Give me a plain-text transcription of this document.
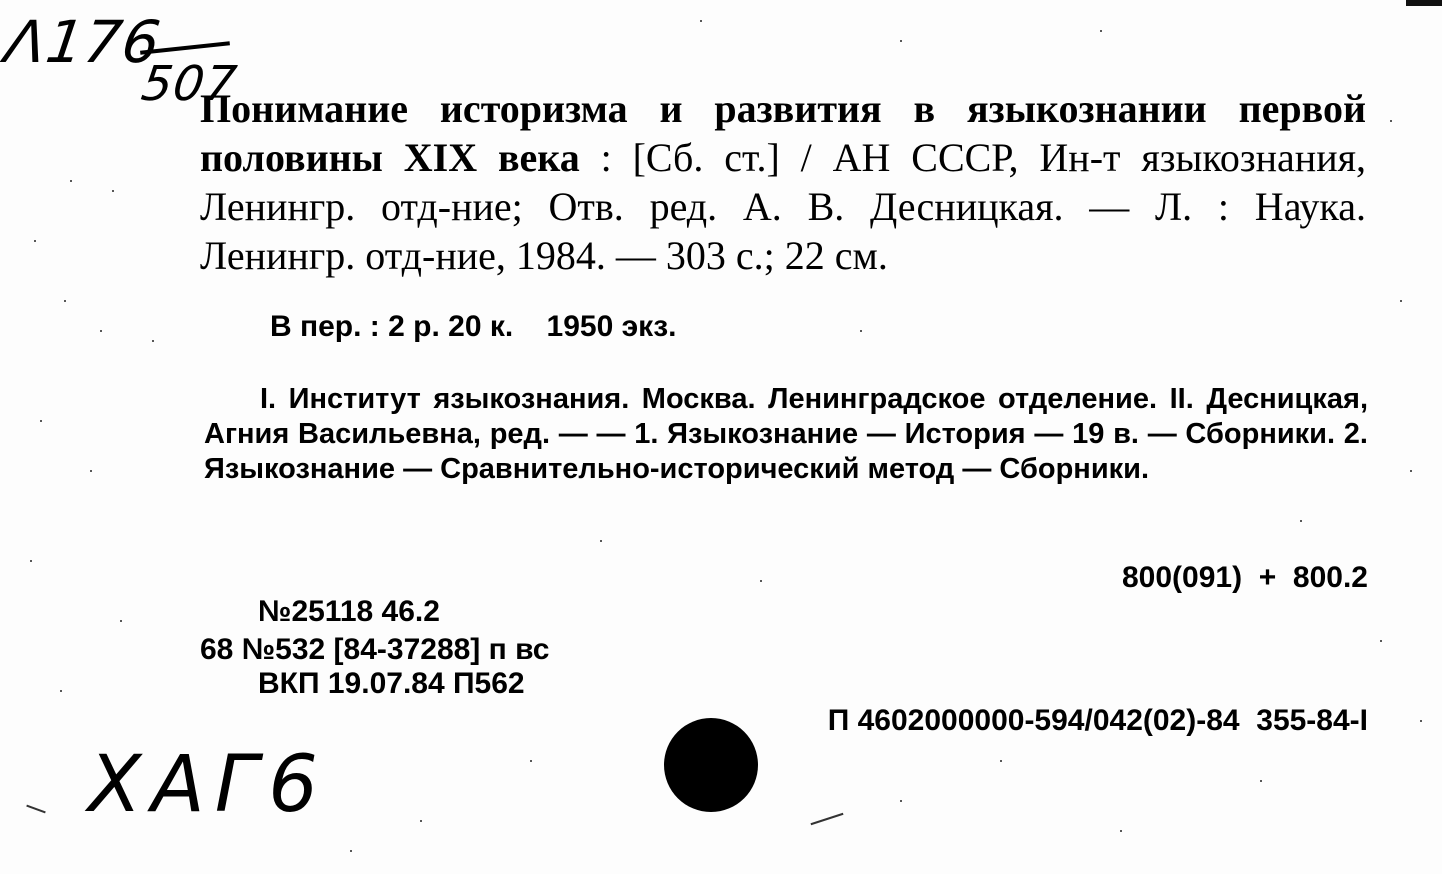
Λ176
507
Понимание историзма и развития в языкознании первой половины XIX века : [Сб. ст.] / АН СССР, Ин-т языкознания, Ленингр. отд-ние; Отв. ред. А. В. Десницкая. — Л. : Наука. Ленингр. отд-ние, 1984. — 303 с.; 22 см.
В пер. : 2 р. 20 к.    1950 экз.
I. Институт языкознания. Москва. Ленинградское отделение. II. Десницкая, Агния Васильевна, ред. — — 1. Языкознание — История — 19 в. — Сборники. 2. Языкознание — Сравнительно-исторический метод — Сборники.
800(091)  +  800.2
№25118 46.2
68 №532 [84-37288] п вс
ВКП 19.07.84 П562
П 4602000000-594/042(02)-84  355-84-I
ХАГ6
